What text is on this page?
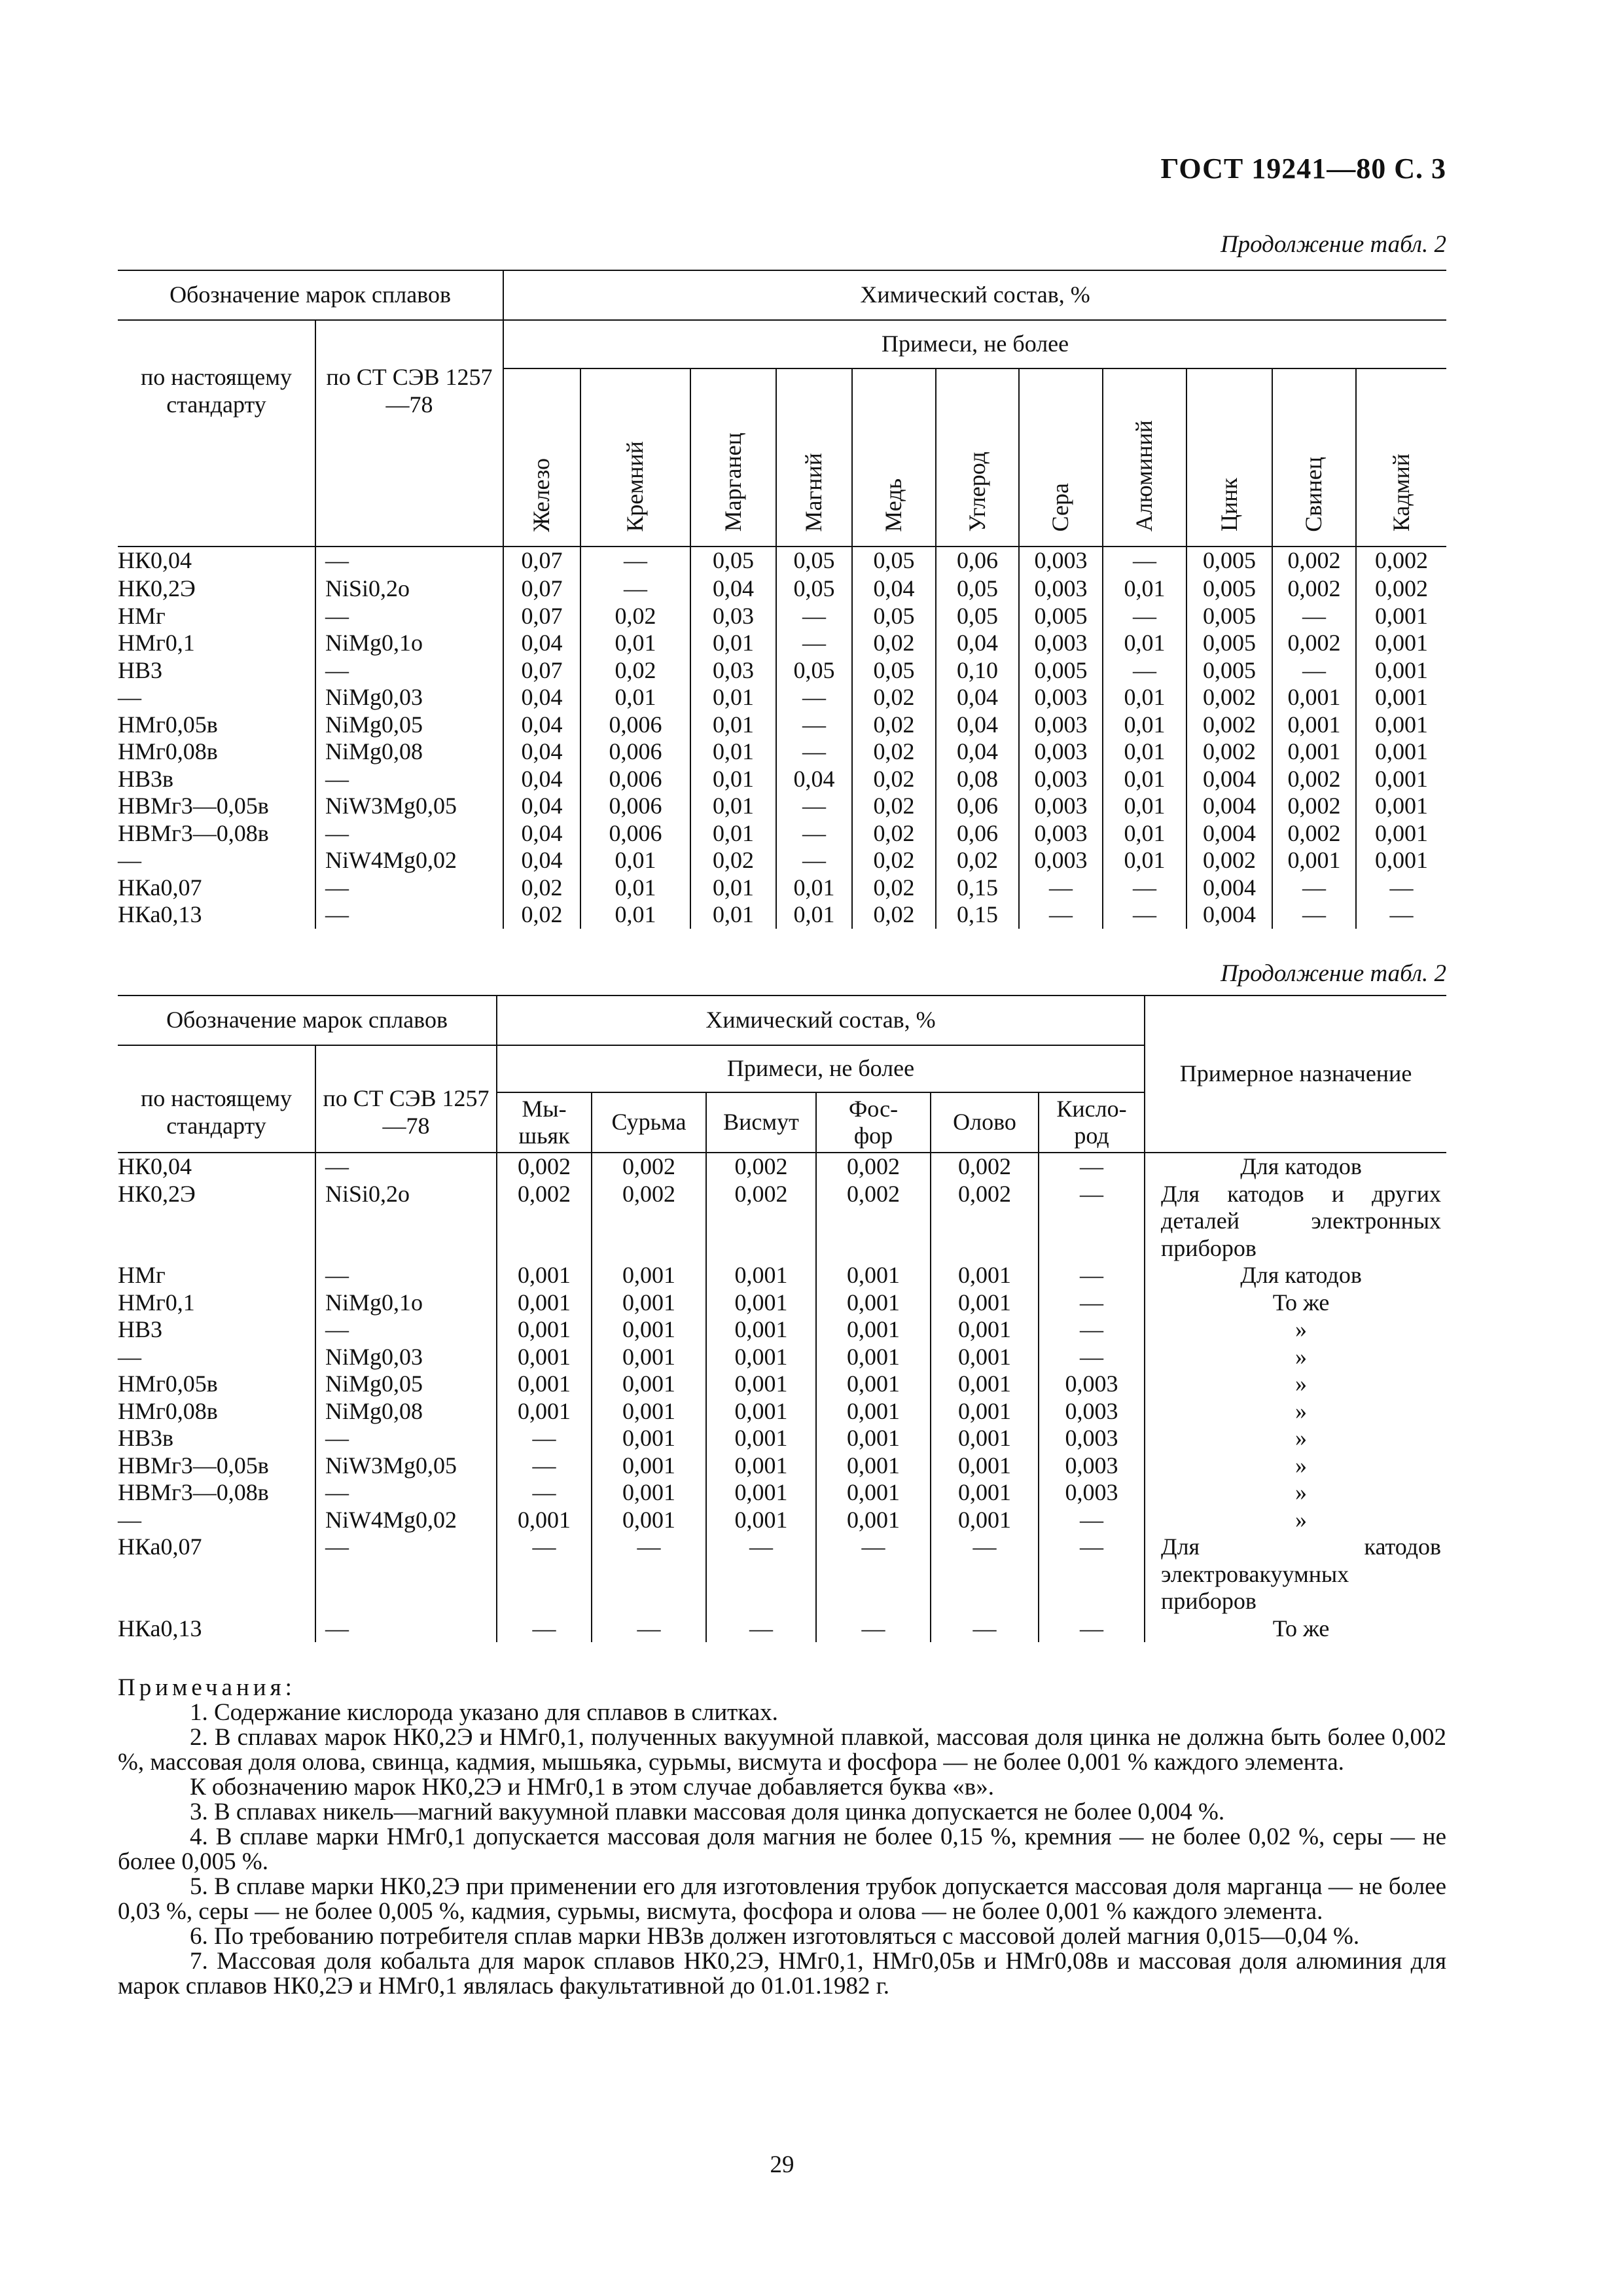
ГОСТ 19241—80 С. 3
Продолжение табл. 2
Обозначение марок сплавов		Химический состав, %										
по настоящему стандарту	по СТ СЭВ 1257—78	Примеси, не более										
		Железо	Кремний	Марганец	Магний	Медь	Углерод	Сера	Алюминий	Цинк	Свинец	Кадмий
НК0,04	—	0,07	—	0,05	0,05	0,05	0,06	0,003	—	0,005	0,002	0,002
НК0,2Э	NiSi0,2o	0,07	—	0,04	0,05	0,04	0,05	0,003	0,01	0,005	0,002	0,002
НМг	—	0,07	0,02	0,03	—	0,05	0,05	0,005	—	0,005	—	0,001
НМг0,1	NiMg0,1o	0,04	0,01	0,01	—	0,02	0,04	0,003	0,01	0,005	0,002	0,001
НВ3	—	0,07	0,02	0,03	0,05	0,05	0,10	0,005	—	0,005	—	0,001
—	NiMg0,03	0,04	0,01	0,01	—	0,02	0,04	0,003	0,01	0,002	0,001	0,001
НМг0,05в	NiMg0,05	0,04	0,006	0,01	—	0,02	0,04	0,003	0,01	0,002	0,001	0,001
НМг0,08в	NiMg0,08	0,04	0,006	0,01	—	0,02	0,04	0,003	0,01	0,002	0,001	0,001
НВ3в	—	0,04	0,006	0,01	0,04	0,02	0,08	0,003	0,01	0,004	0,002	0,001
НВМг3—0,05в	NiW3Mg0,05	0,04	0,006	0,01	—	0,02	0,06	0,003	0,01	0,004	0,002	0,001
НВМг3—0,08в	—	0,04	0,006	0,01	—	0,02	0,06	0,003	0,01	0,004	0,002	0,001
—	NiW4Mg0,02	0,04	0,01	0,02	—	0,02	0,02	0,003	0,01	0,002	0,001	0,001
НКа0,07	—	0,02	0,01	0,01	0,01	0,02	0,15	—	—	0,004	—	—
НКа0,13	—	0,02	0,01	0,01	0,01	0,02	0,15	—	—	0,004	—	—
Продолжение табл. 2
Обозначение марок сплавов		Химический состав, %						Примерное назначение
по настоящему стандарту	по СТ СЭВ 1257—78	Примеси, не более						
		Мы- шьяк	Сурьма	Висмут	Фос- фор	Олово	Кисло- род	
НК0,04	—	0,002	0,002	0,002	0,002	0,002	—	Для катодов
НК0,2Э	NiSi0,2o	0,002	0,002	0,002	0,002	0,002	—	Для катодов и других деталей электронных приборов
НМг	—	0,001	0,001	0,001	0,001	0,001	—	Для катодов
НМг0,1	NiMg0,1o	0,001	0,001	0,001	0,001	0,001	—	То же
НВ3	—	0,001	0,001	0,001	0,001	0,001	—	»
—	NiMg0,03	0,001	0,001	0,001	0,001	0,001	—	»
НМг0,05в	NiMg0,05	0,001	0,001	0,001	0,001	0,001	0,003	»
НМг0,08в	NiMg0,08	0,001	0,001	0,001	0,001	0,001	0,003	»
НВ3в	—	—	0,001	0,001	0,001	0,001	0,003	»
НВМг3—0,05в	NiW3Mg0,05	—	0,001	0,001	0,001	0,001	0,003	»
НВМг3—0,08в	—	—	0,001	0,001	0,001	0,001	0,003	»
—	NiW4Mg0,02	0,001	0,001	0,001	0,001	0,001	—	»
НКа0,07	—	—	—	—	—	—	—	Для катодов электровакуумных приборов
НКа0,13	—	—	—	—	—	—	—	То же

Примечания:

1. Содержание кислорода указано для сплавов в слитках.

2. В сплавах марок НК0,2Э и НМг0,1, полученных вакуумной плавкой, массовая доля цинка не должна быть более 0,002 %, массовая доля олова, свинца, кадмия, мышьяка, сурьмы, висмута и фосфора — не более 0,001 % каждого элемента.

К обозначению марок НК0,2Э и НМг0,1 в этом случае добавляется буква «в».

3. В сплавах никель—магний вакуумной плавки массовая доля цинка допускается не более 0,004 %.

4. В сплаве марки НМг0,1 допускается массовая доля магния не более 0,15 %, кремния — не более 0,02 %, серы — не более 0,005 %.

5. В сплаве марки НК0,2Э при применении его для изготовления трубок допускается массовая доля марганца — не более 0,03 %, серы — не более 0,005 %, кадмия, сурьмы, висмута, фосфора и олова — не более 0,001 % каждого элемента.

6. По требованию потребителя сплав марки НВ3в должен изготовляться с массовой долей магния 0,015—0,04 %.

7. Массовая доля кобальта для марок сплавов НК0,2Э, НМг0,1, НМг0,05в и НМг0,08в и массовая доля алюминия для марок сплавов НК0,2Э и НМг0,1 являлась факультативной до 01.01.1982 г.

29
